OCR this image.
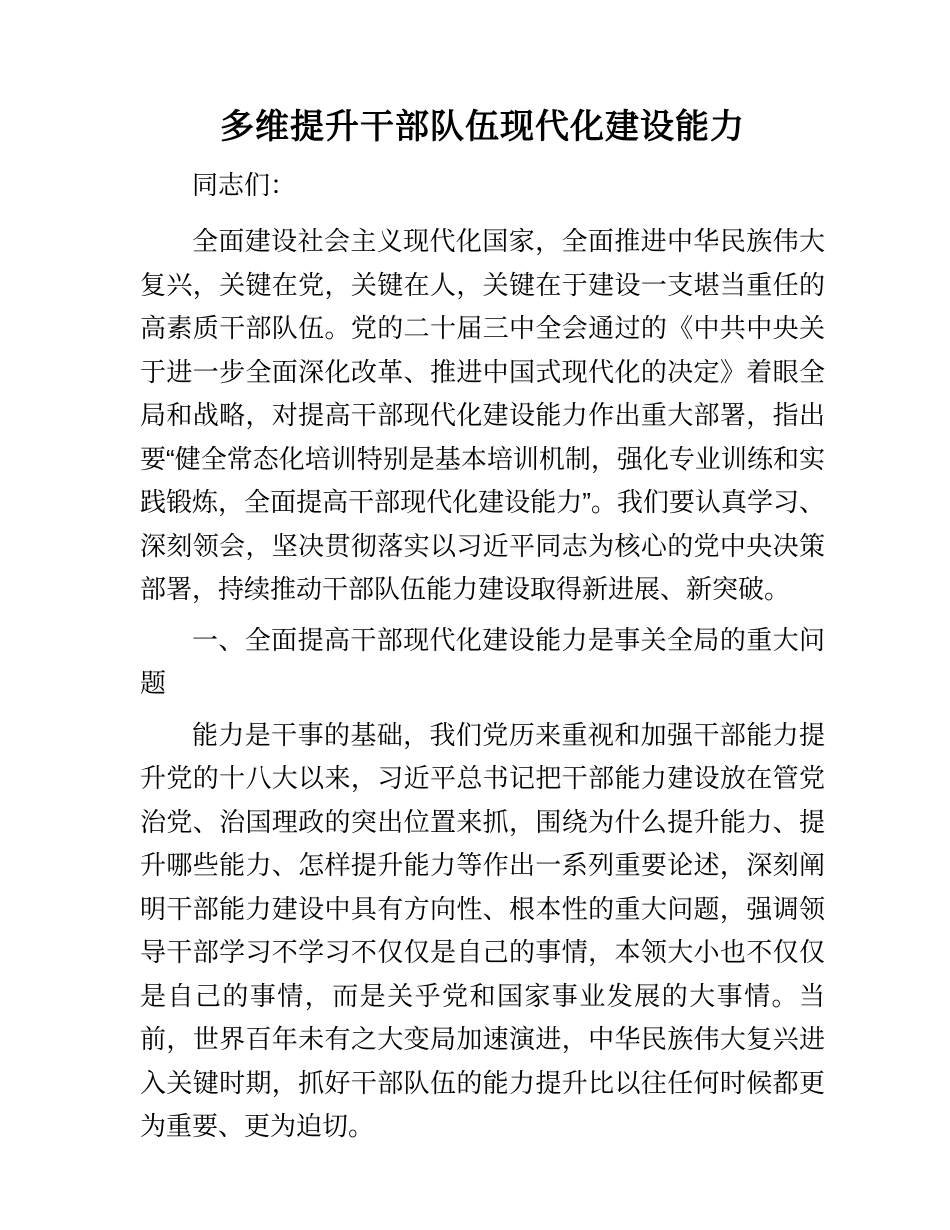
多维提升干部队伍现代化建设能力

同志们：

全面建设社会主义现代化国家，全面推进中华民族伟大复兴，关键在党，关键在人，关键在于建设一支堪当重任的高素质干部队伍。党的二十届三中全会通过的《中共中央关于进一步全面深化改革、推进中国式现代化的决定》着眼全局和战略，对提高干部现代化建设能力作出重大部署，指出要“健全常态化培训特别是基本培训机制，强化专业训练和实践锻炼，全面提高干部现代化建设能力”。我们要认真学习、深刻领会，坚决贯彻落实以习近平同志为核心的党中央决策部署，持续推动干部队伍能力建设取得新进展、新突破。

一、全面提高干部现代化建设能力是事关全局的重大问题

能力是干事的基础，我们党历来重视和加强干部能力提升党的十八大以来，习近平总书记把干部能力建设放在管党治党、治国理政的突出位置来抓，围绕为什么提升能力、提升哪些能力、怎样提升能力等作出一系列重要论述，深刻阐明干部能力建设中具有方向性、根本性的重大问题，强调领导干部学习不学习不仅仅是自己的事情，本领大小也不仅仅是自己的事情，而是关乎党和国家事业发展的大事情。当前，世界百年未有之大变局加速演进，中华民族伟大复兴进入关键时期，抓好干部队伍的能力提升比以往任何时候都更为重要、更为迫切。
